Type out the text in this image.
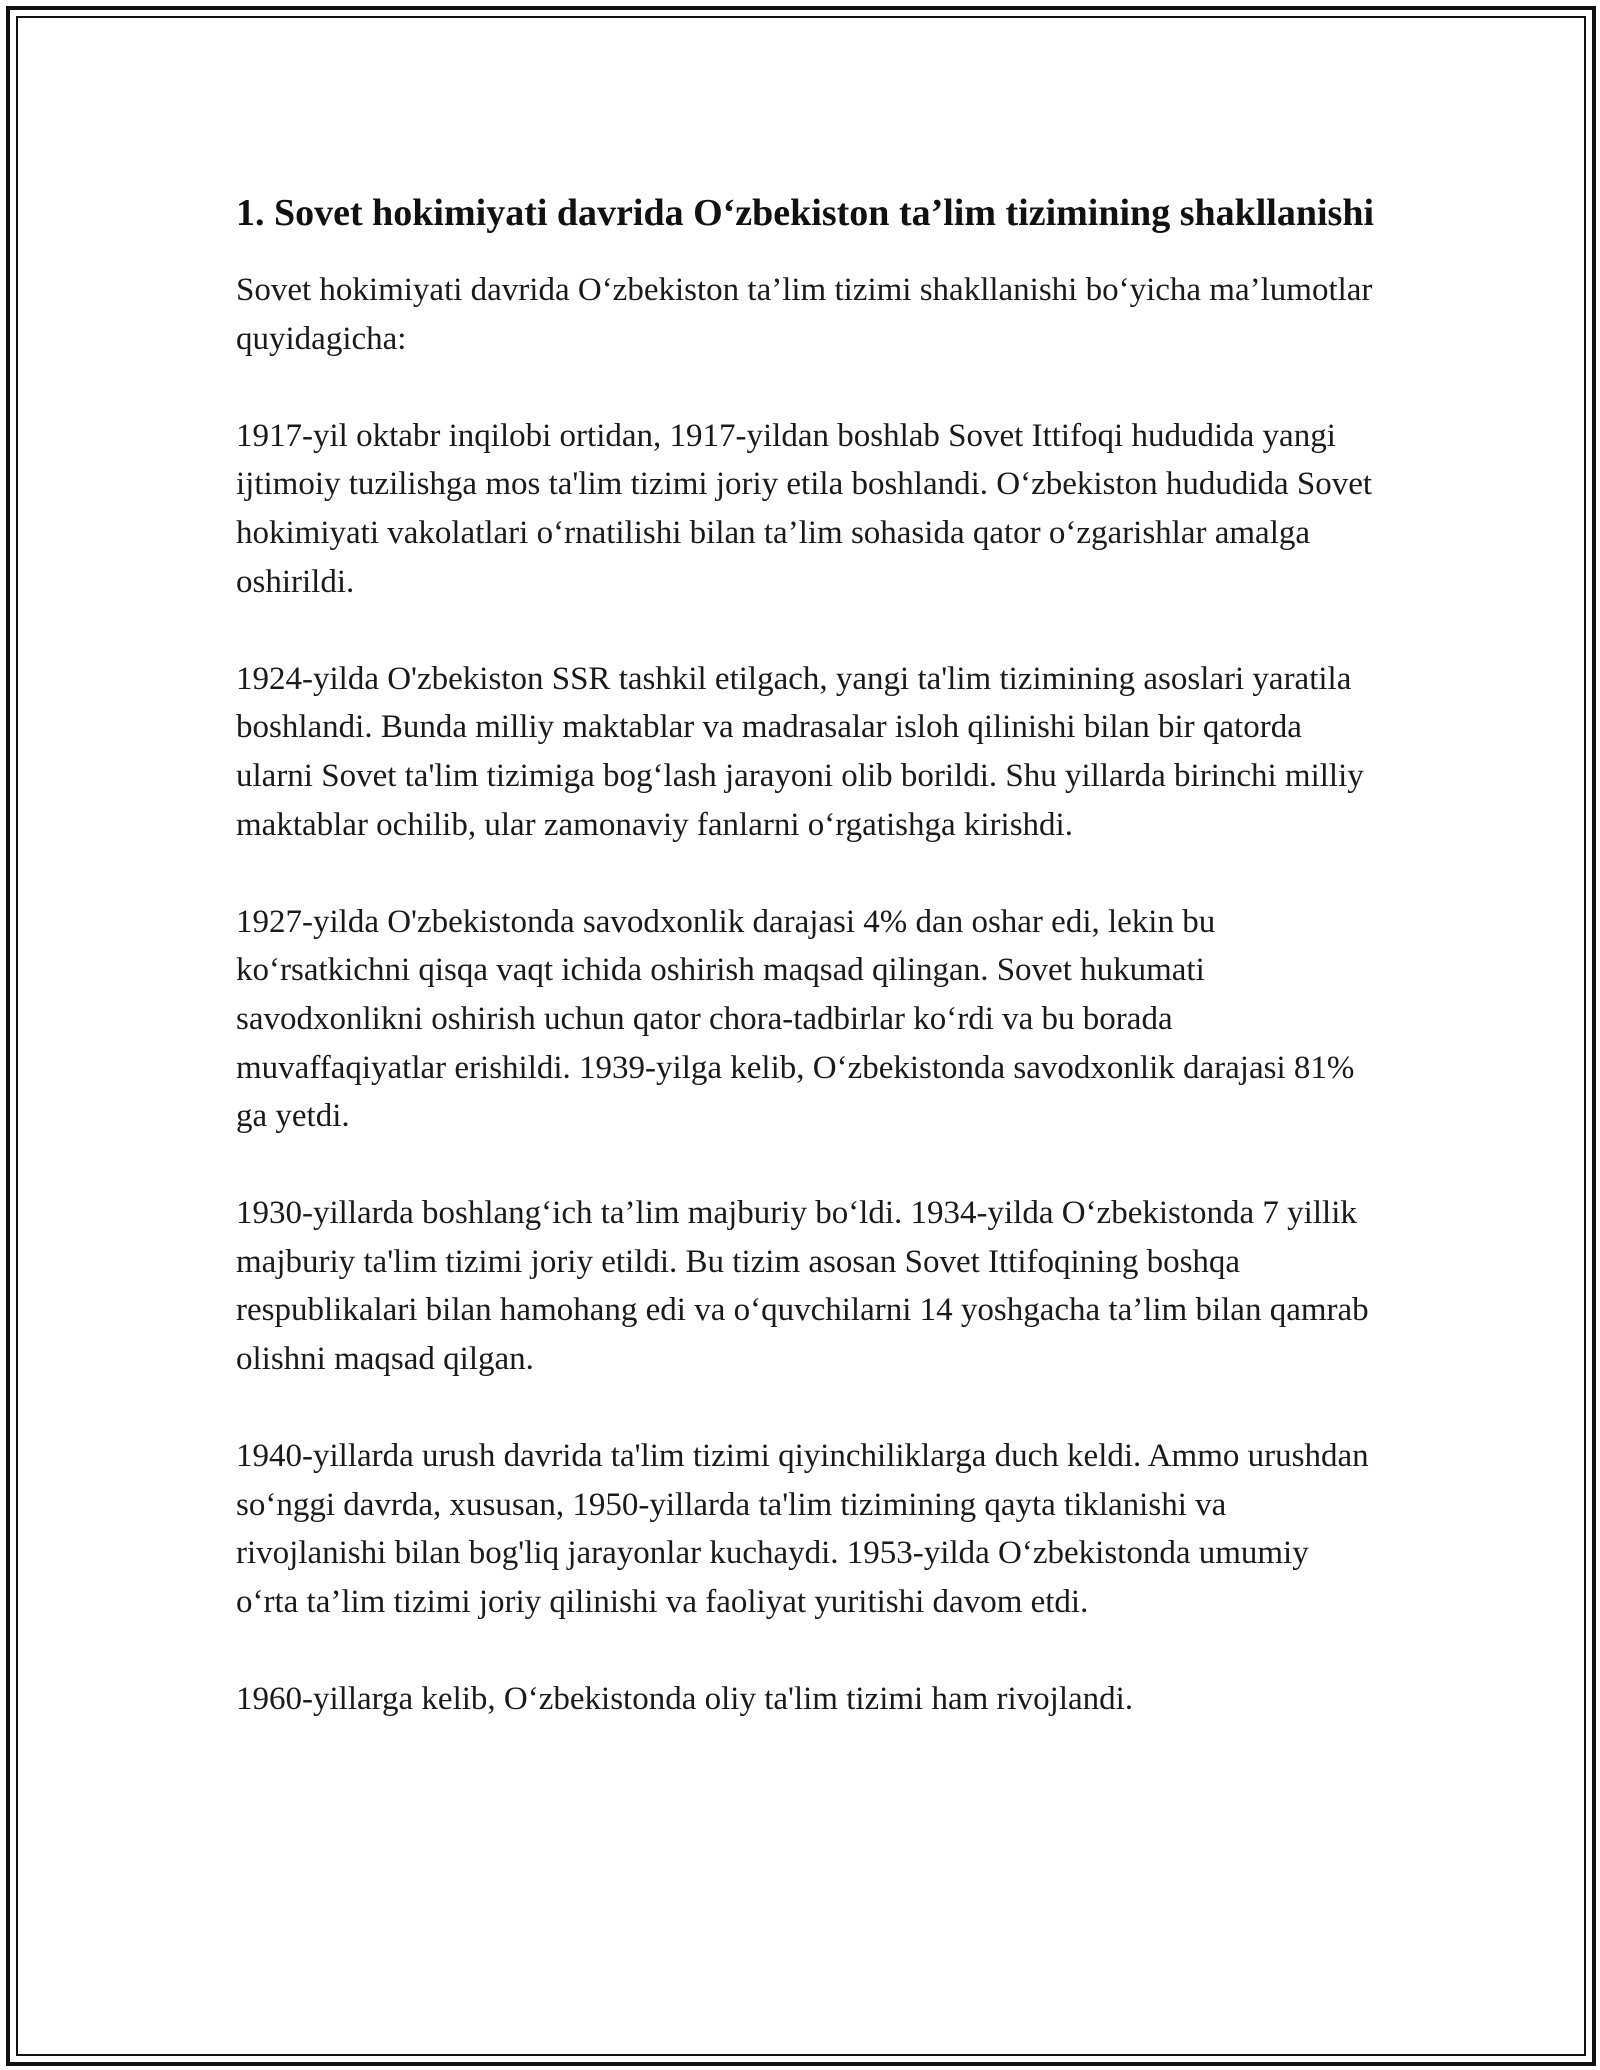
1. Sovet hokimiyati davrida O‘zbekiston ta’lim tizimining shakllanishi

Sovet hokimiyati davrida O‘zbekiston ta’lim tizimi shakllanishi bo‘yicha ma’lumotlar quyidagicha:

1917-yil oktabr inqilobi ortidan, 1917-yildan boshlab Sovet Ittifoqi hududida yangi ijtimoiy tuzilishga mos ta'lim tizimi joriy etila boshlandi. O‘zbekiston hududida Sovet hokimiyati vakolatlari o‘rnatilishi bilan ta’lim sohasida qator o‘zgarishlar amalga oshirildi.

1924-yilda O'zbekiston SSR tashkil etilgach, yangi ta'lim tizimining asoslari yaratila boshlandi. Bunda milliy maktablar va madrasalar isloh qilinishi bilan bir qatorda ularni Sovet ta'lim tizimiga bog‘lash jarayoni olib borildi. Shu yillarda birinchi milliy maktablar ochilib, ular zamonaviy fanlarni o‘rgatishga kirishdi.

1927-yilda O'zbekistonda savodxonlik darajasi 4% dan oshar edi, lekin bu ko‘rsatkichni qisqa vaqt ichida oshirish maqsad qilingan. Sovet hukumati savodxonlikni oshirish uchun qator chora-tadbirlar ko‘rdi va bu borada muvaffaqiyatlar erishildi. 1939-yilga kelib, O‘zbekistonda savodxonlik darajasi 81% ga yetdi.

1930-yillarda boshlang‘ich ta’lim majburiy bo‘ldi. 1934-yilda O‘zbekistonda 7 yillik majburiy ta'lim tizimi joriy etildi. Bu tizim asosan Sovet Ittifoqining boshqa respublikalari bilan hamohang edi va o‘quvchilarni 14 yoshgacha ta’lim bilan qamrab olishni maqsad qilgan.

1940-yillarda urush davrida ta'lim tizimi qiyinchiliklarga duch keldi. Ammo urushdan so‘nggi davrda, xususan, 1950-yillarda ta'lim tizimining qayta tiklanishi va rivojlanishi bilan bog'liq jarayonlar kuchaydi. 1953-yilda O‘zbekistonda umumiy o‘rta ta’lim tizimi joriy qilinishi va faoliyat yuritishi davom etdi.

1960-yillarga kelib, O‘zbekistonda oliy ta'lim tizimi ham rivojlandi.
